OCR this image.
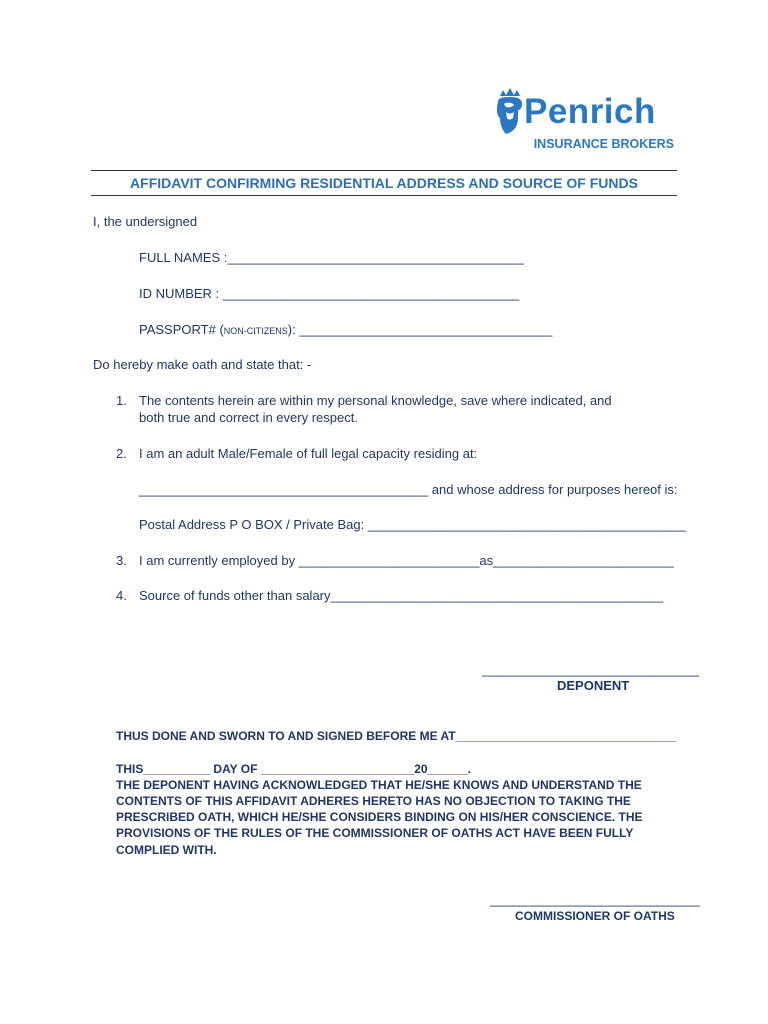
Penrich
INSURANCE BROKERS
AFFIDAVIT CONFIRMING RESIDENTIAL ADDRESS AND SOURCE OF FUNDS
I, the undersigned
FULL NAMES :_________________________________________
ID NUMBER : _________________________________________
PASSPORT# (NON-CITIZENS): ___________________________________
Do hereby make oath and state that: -
1. The contents herein are within my personal knowledge, save where indicated, and
both true and correct in every respect.
2. I am an adult Male/Female of full legal capacity residing at:
________________________________________ and whose address for purposes hereof is:
Postal Address P O BOX / Private Bag: ____________________________________________
3. I am currently employed by _________________________as_________________________
4. Source of funds other than salary______________________________________________
______________________________
DEPONENT
THUS DONE AND SWORN TO AND SIGNED BEFORE ME AT_________________________________
THIS__________ DAY OF _______________________20______.
THE DEPONENT HAVING ACKNOWLEDGED THAT HE/SHE KNOWS AND UNDERSTAND THE
CONTENTS OF THIS AFFIDAVIT ADHERES HERETO HAS NO OBJECTION TO TAKING THE
PRESCRIBED OATH, WHICH HE/SHE CONSIDERS BINDING ON HIS/HER CONSCIENCE. THE
PROVISIONS OF THE RULES OF THE COMMISSIONER OF OATHS ACT HAVE BEEN FULLY
COMPLIED WITH.
_____________________________
COMMISSIONER OF OATHS
